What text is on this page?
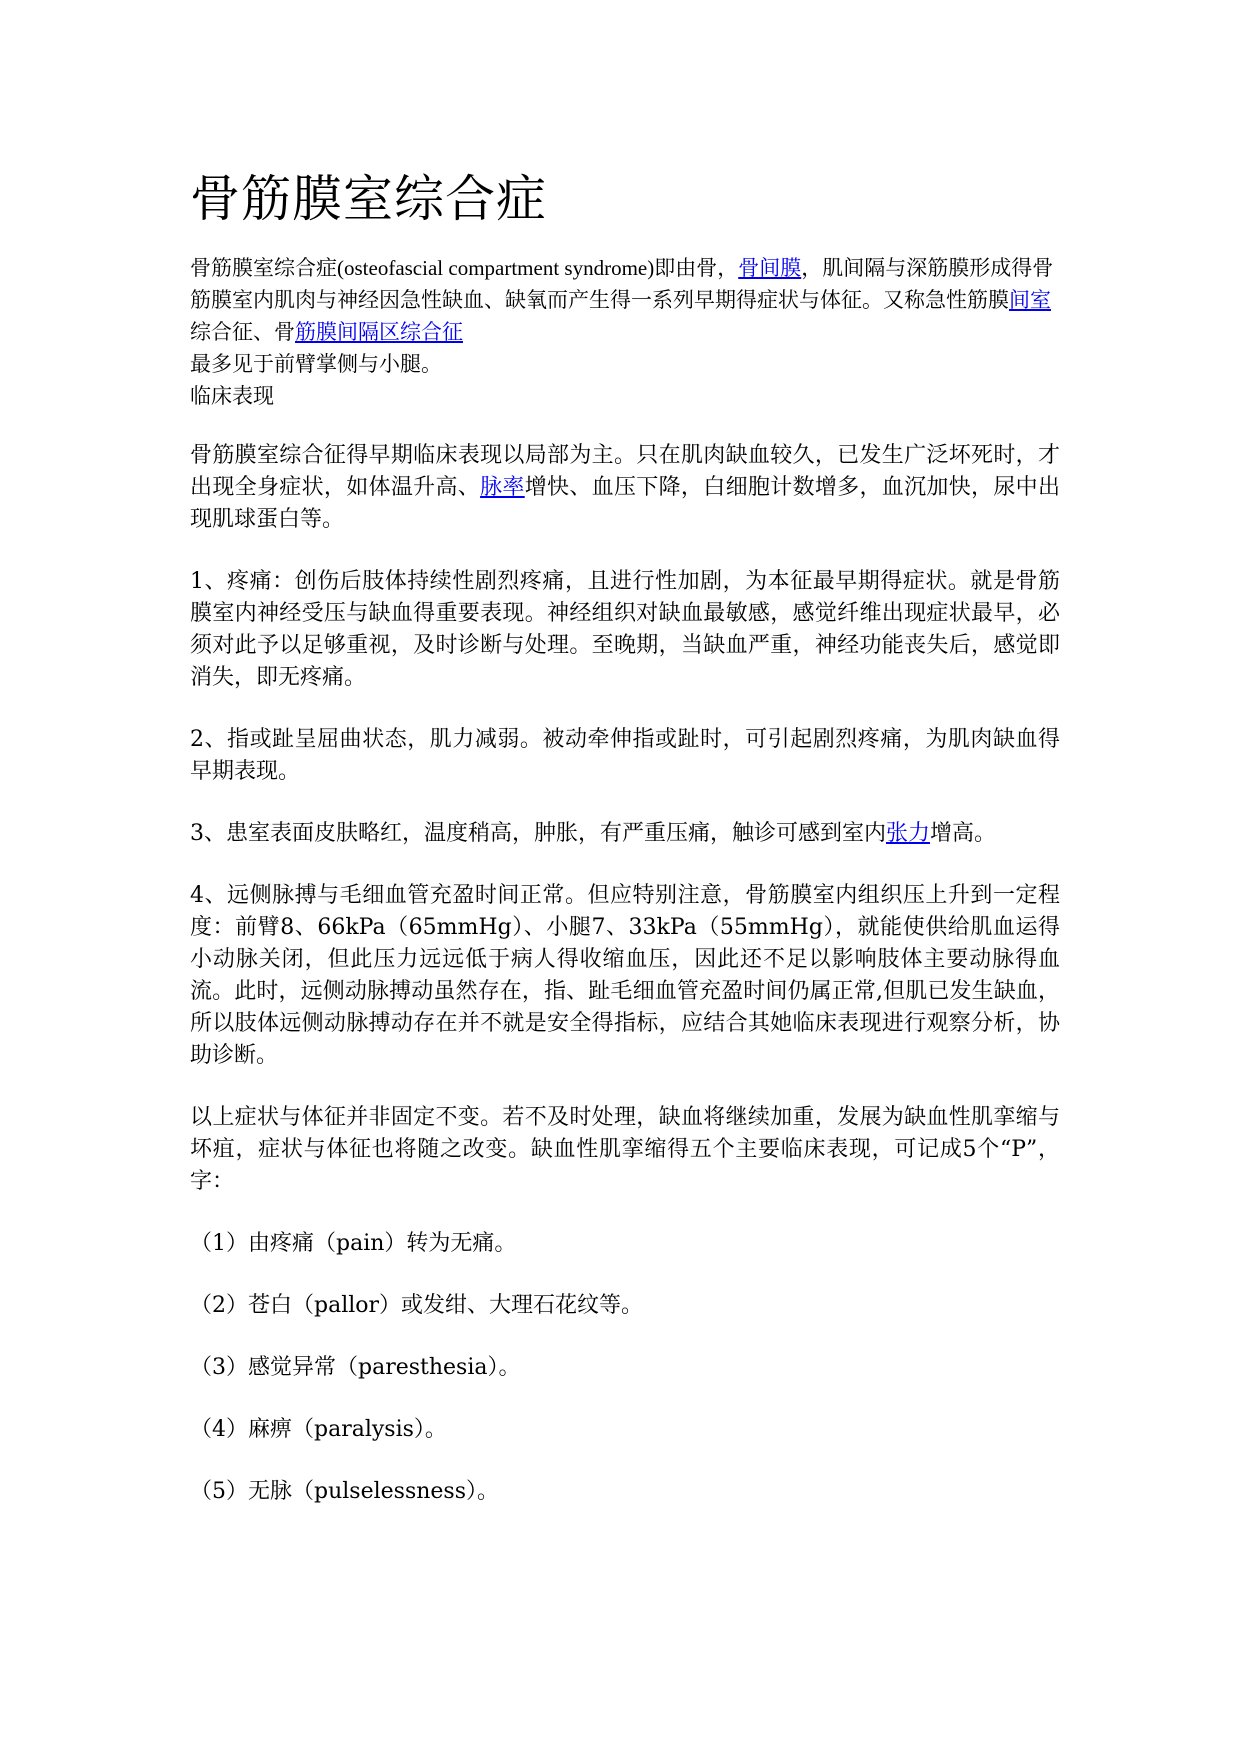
骨筋膜室综合症

骨筋膜室综合症(osteofascial compartment syndrome)即由骨，骨间膜，肌间隔与深筋膜形成得骨筋膜室内肌肉与神经因急性缺血、缺氧而产生得一系列早期得症状与体征。又称急性筋膜间室综合征、骨筋膜间隔区综合征

最多见于前臂掌侧与小腿。

临床表现

骨筋膜室综合征得早期临床表现以局部为主。只在肌肉缺血较久，已发生广泛坏死时，才出现全身症状，如体温升高、脉率增快、血压下降，白细胞计数增多，血沉加快，尿中出现肌球蛋白等。

1、疼痛：创伤后肢体持续性剧烈疼痛，且进行性加剧，为本征最早期得症状。就是骨筋膜室内神经受压与缺血得重要表现。神经组织对缺血最敏感，感觉纤维出现症状最早，必须对此予以足够重视，及时诊断与处理。至晚期，当缺血严重，神经功能丧失后，感觉即消失，即无疼痛。

2、指或趾呈屈曲状态，肌力减弱。被动牵伸指或趾时，可引起剧烈疼痛，为肌肉缺血得早期表现。

3、患室表面皮肤略红，温度稍高，肿胀，有严重压痛，触诊可感到室内张力增高。

4、远侧脉搏与毛细血管充盈时间正常。但应特别注意，骨筋膜室内组织压上升到一定程度：前臂8、66kPa（65mmHg）、小腿7、33kPa（55mmHg），就能使供给肌血运得小动脉关闭，但此压力远远低于病人得收缩血压，因此还不足以影响肢体主要动脉得血流。此时，远侧动脉搏动虽然存在，指、趾毛细血管充盈时间仍属正常,但肌已发生缺血，所以肢体远侧动脉搏动存在并不就是安全得指标，应结合其她临床表现进行观察分析，协助诊断。

以上症状与体征并非固定不变。若不及时处理，缺血将继续加重，发展为缺血性肌挛缩与坏疽，症状与体征也将随之改变。缺血性肌挛缩得五个主要临床表现，可记成5个“P”，字：

（1）由疼痛（pain）转为无痛。

（2）苍白（pallor）或发绀、大理石花纹等。

（3）感觉异常（paresthesia）。

（4）麻痹（paralysis）。

（5）无脉（pulselessness）。
